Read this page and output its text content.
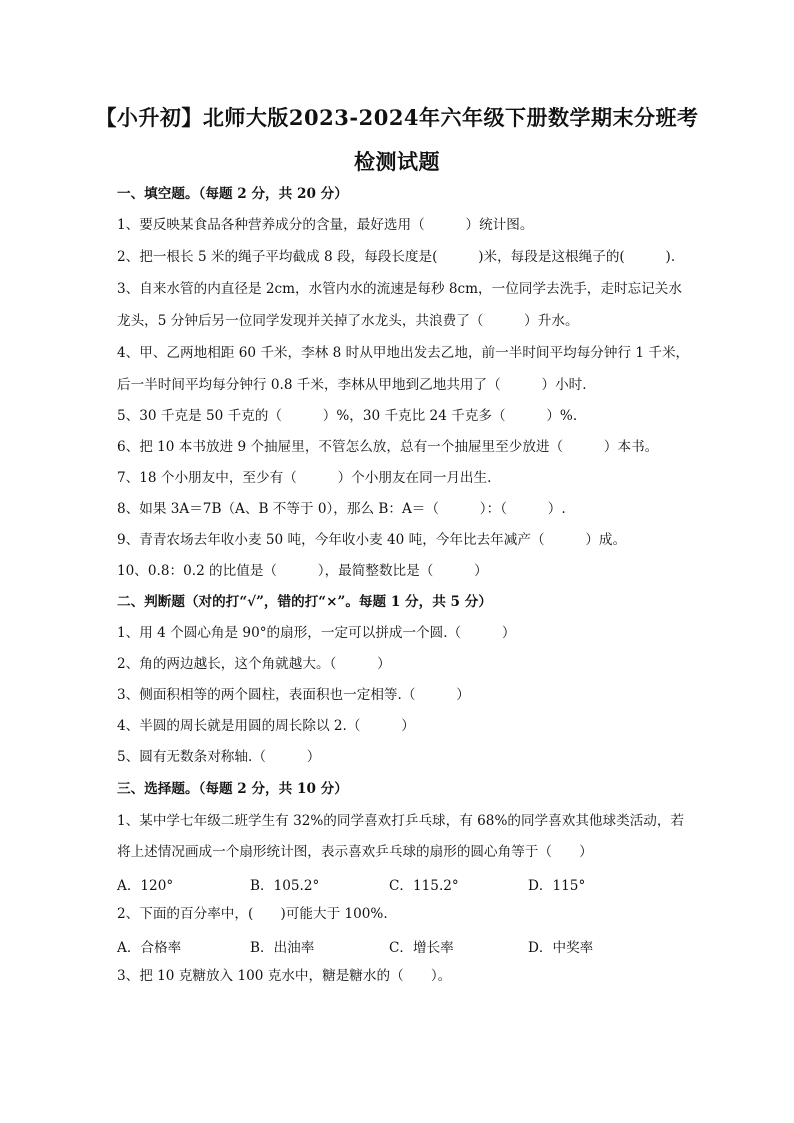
【小升初】北师大版2023-2024年六年级下册数学期末分班考
检测试题
一、填空题。（每题 2 分，共 20 分）
1、要反映某食品各种营养成分的含量，最好选用（　　　）统计图。
2、把一根长 5 米的绳子平均截成 8 段，每段长度是(　　　)米，每段是这根绳子的(　　　).
3、自来水管的内直径是 2cm，水管内水的流速是每秒 8cm，一位同学去洗手，走时忘记关水
龙头，5 分钟后另一位同学发现并关掉了水龙头，共浪费了（　　　）升水。
4、甲、乙两地相距 60 千米，李林 8 时从甲地出发去乙地，前一半时间平均每分钟行 1 千米，
后一半时间平均每分钟行 0.8 千米，李林从甲地到乙地共用了（　　　）小时.
5、30 千克是 50 千克的（　　　）%，30 千克比 24 千克多（　　　）%.
6、把 10 本书放进 9 个抽屉里，不管怎么放，总有一个抽屉里至少放进（　　　）本书。
7、18 个小朋友中，至少有（　　　）个小朋友在同一月出生.
8、如果 3A＝7B（A、B 不等于 0），那么 B：A＝（　　　）：（　　　）.
9、青青农场去年收小麦 50 吨，今年收小麦 40 吨，今年比去年减产（　　　）成。
10、0.8：0.2 的比值是（　　　），最简整数比是（　　　）
二、判断题（对的打“√”，错的打“×”。每题 1 分，共 5 分）
1、用 4 个圆心角是 90°的扇形，一定可以拼成一个圆.（　　　）
2、角的两边越长，这个角就越大。（　　　）
3、侧面积相等的两个圆柱，表面积也一定相等.（　　　）
4、半圆的周长就是用圆的周长除以 2.（　　　）
5、圆有无数条对称轴.（　　　）
三、选择题。（每题 2 分，共 10 分）
1、某中学七年级二班学生有 32%的同学喜欢打乒乓球，有 68%的同学喜欢其他球类活动，若
将上述情况画成一个扇形统计图，表示喜欢乒乓球的扇形的圆心角等于（　　）
A．120°	B．105.2°	C．115.2°	D．115°
2、下面的百分率中，(　　)可能大于 100%.
A．合格率	B．出油率	C．增长率	D．中奖率
3、把 10 克糖放入 100 克水中，糖是糖水的（　　）。
